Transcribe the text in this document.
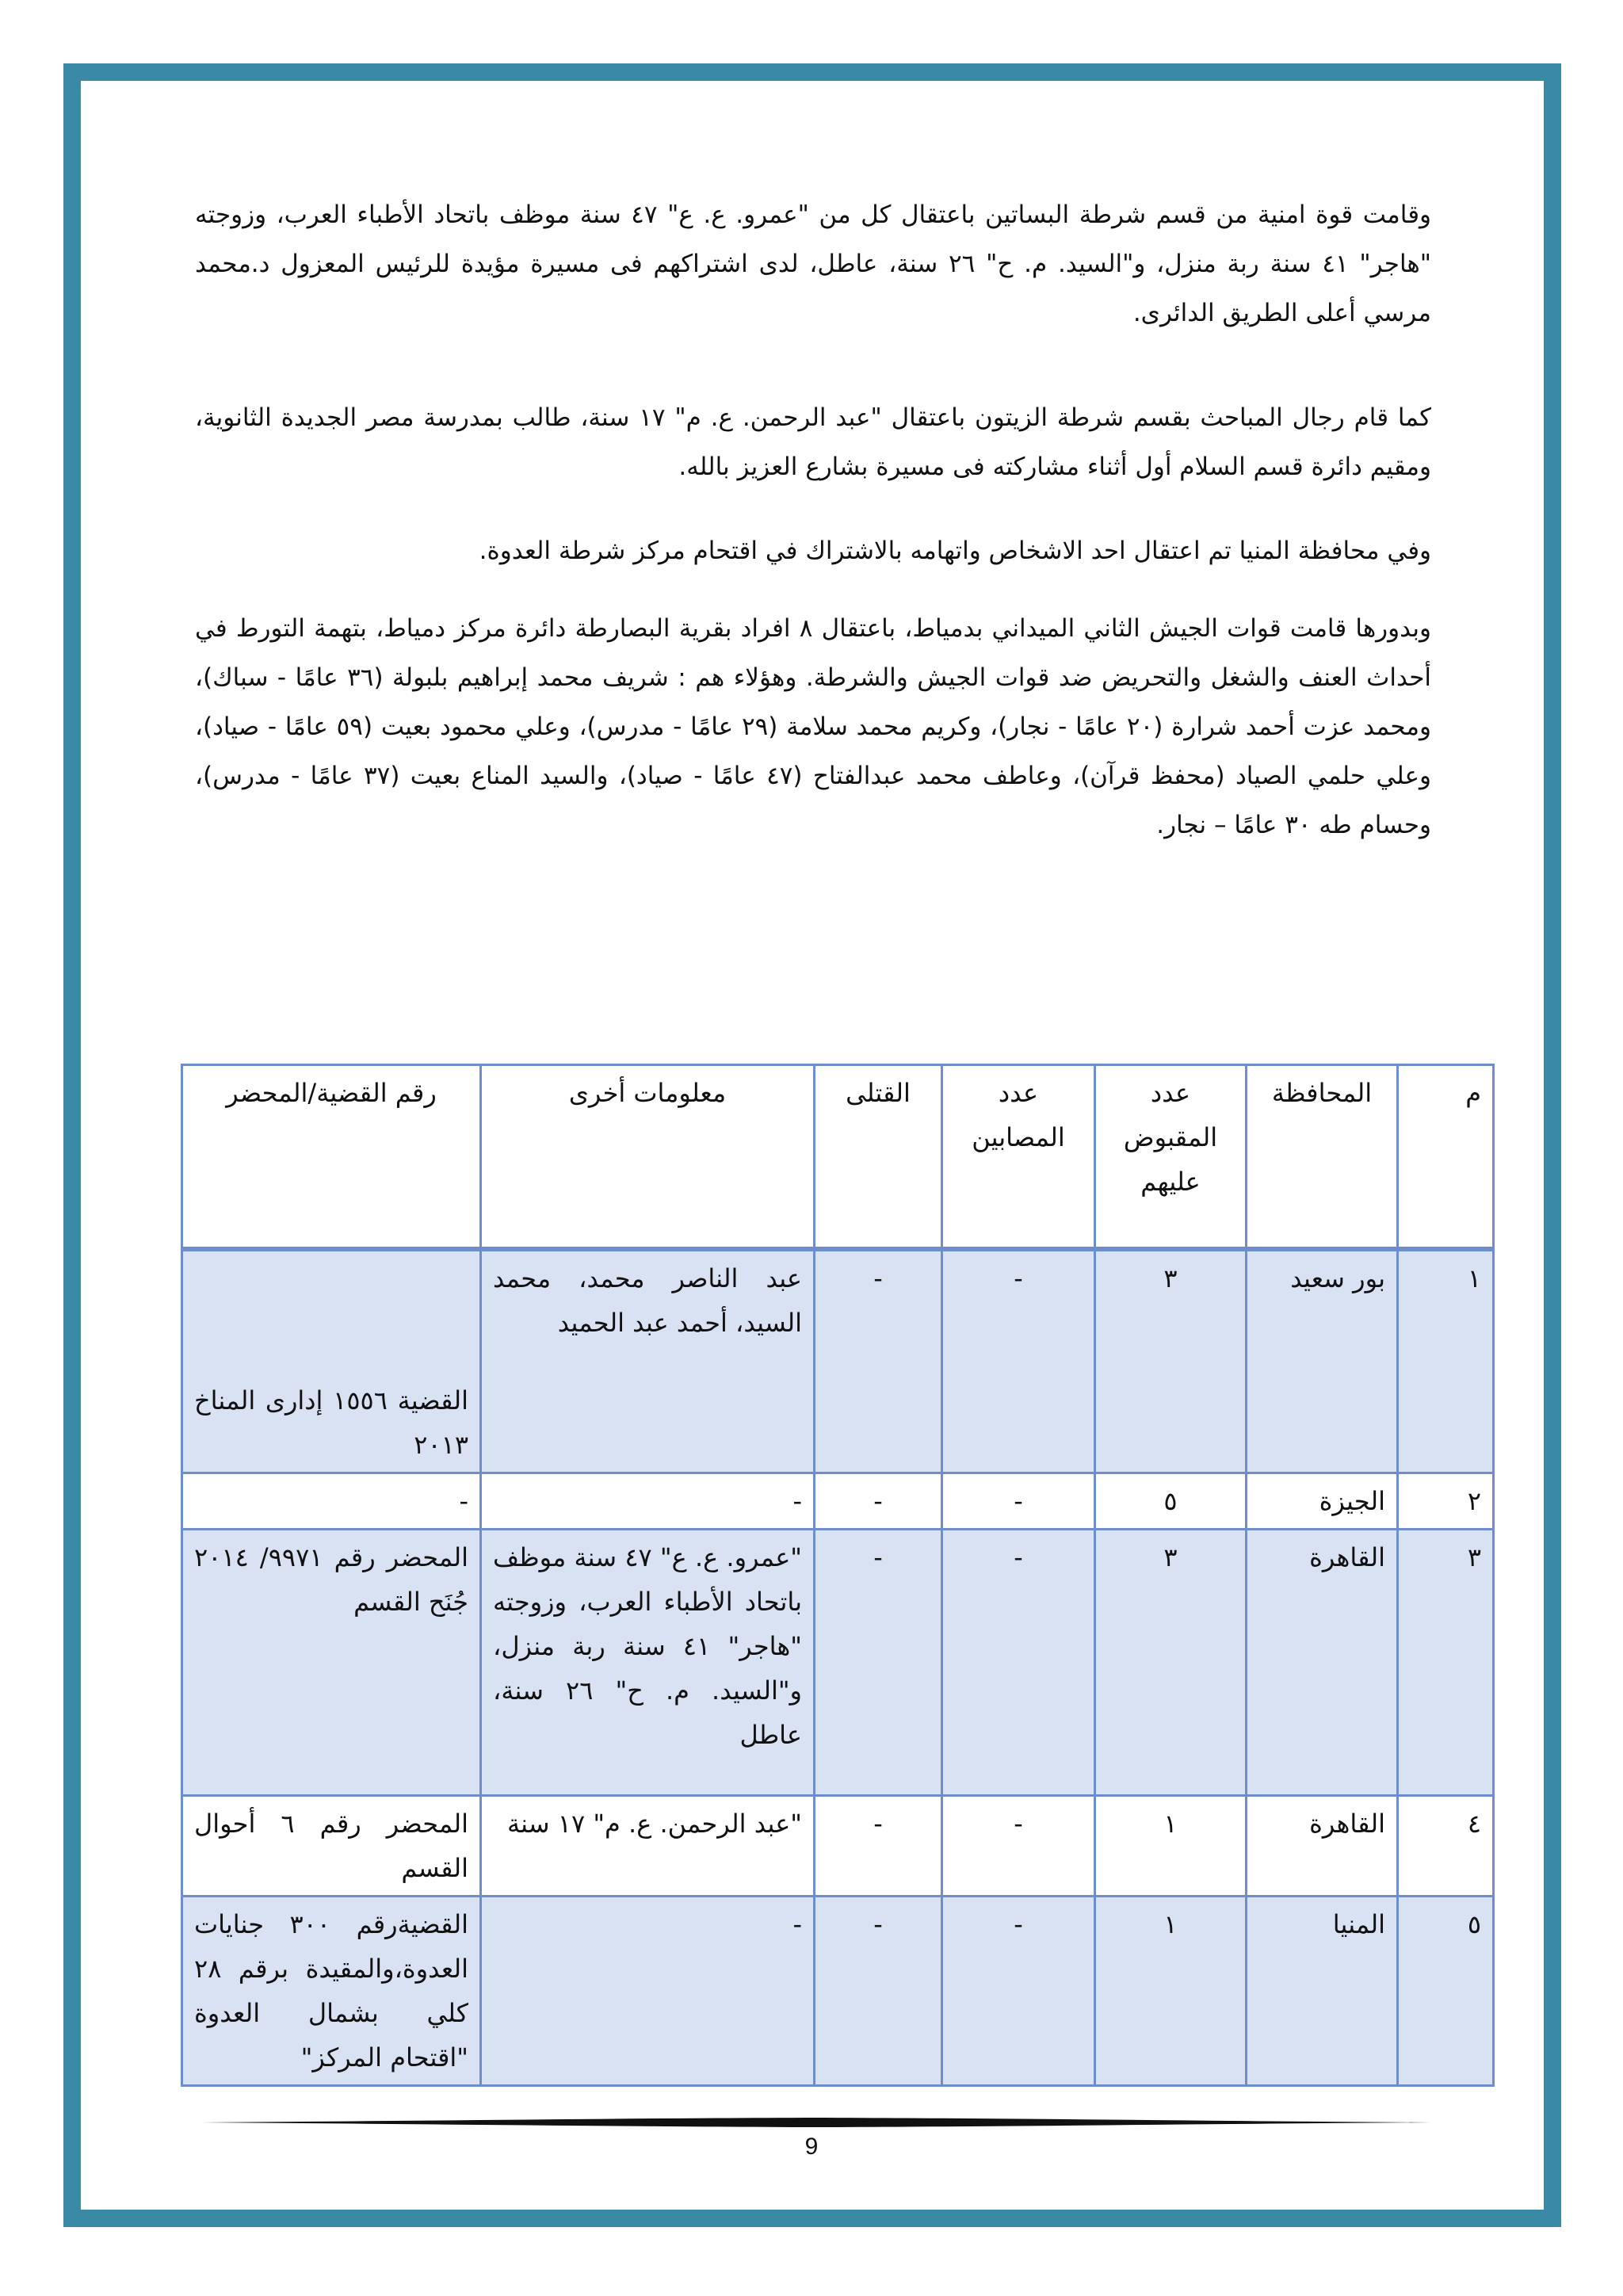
وقامت قوة امنية من قسم شرطة البساتين باعتقال كل من "عمرو. ع. ع" ٤٧ سنة موظف باتحاد الأطباء العرب، وزوجته "هاجر" ٤١ سنة ربة منزل، و"السيد. م. ح" ٢٦ سنة، عاطل، لدى اشتراكهم فى مسيرة مؤيدة للرئيس المعزول د.محمد مرسي أعلى الطريق الدائرى.

كما قام رجال المباحث بقسم شرطة الزيتون باعتقال "عبد الرحمن. ع. م" ١٧ سنة، طالب بمدرسة مصر الجديدة الثانوية، ومقيم دائرة قسم السلام أول أثناء مشاركته فى مسيرة بشارع العزيز بالله.

وفي محافظة المنيا تم اعتقال احد الاشخاص واتهامه بالاشتراك في اقتحام مركز شرطة العدوة.

وبدورها قامت قوات الجيش الثاني الميداني بدمياط، باعتقال ٨ افراد بقرية البصارطة دائرة مركز دمياط، بتهمة التورط في أحداث العنف والشغل والتحريض ضد قوات الجيش والشرطة. وهؤلاء هم : شريف محمد إبراهيم بلبولة (٣٦ عامًا - سباك)، ومحمد عزت أحمد شرارة (٢٠ عامًا - نجار)، وكريم محمد سلامة (٢٩ عامًا - مدرس)، وعلي محمود بعيت (٥٩ عامًا - صياد)، وعلي حلمي الصياد (محفظ قرآن)، وعاطف محمد عبدالفتاح (٤٧ عامًا - صياد)، والسيد المناع بعيت (٣٧ عامًا - مدرس)، وحسام طه ٣٠ عامًا – نجار.

م	المحافظة	عدد المقبوض عليهم	عدد المصابين	القتلى	معلومات أخرى	رقم القضية/المحضر
١	بور سعيد	٣	-	-	عبد الناصر محمد، محمد السيد، أحمد عبد الحميد	القضية ١٥٥٦ إدارى المناخ ٢٠١٣
٢	الجيزة	٥	-	-	-	-
٣	القاهرة	٣	-	-	"عمرو. ع. ع" ٤٧ سنة موظف باتحاد الأطباء العرب، وزوجته "هاجر" ٤١ سنة ربة منزل، و"السيد. م. ح" ٢٦ سنة، عاطل	المحضر رقم ٩٩٧١/ ٢٠١٤ جُنَح القسم
٤	القاهرة	١	-	-	"عبد الرحمن. ع. م" ١٧ سنة	المحضر رقم ٦ أحوال القسم
٥	المنيا	١	-	-	-	القضيةرقم ٣٠٠ جنايات العدوة،والمقيدة برقم ٢٨ كلي بشمال العدوة "اقتحام المركز"
9
